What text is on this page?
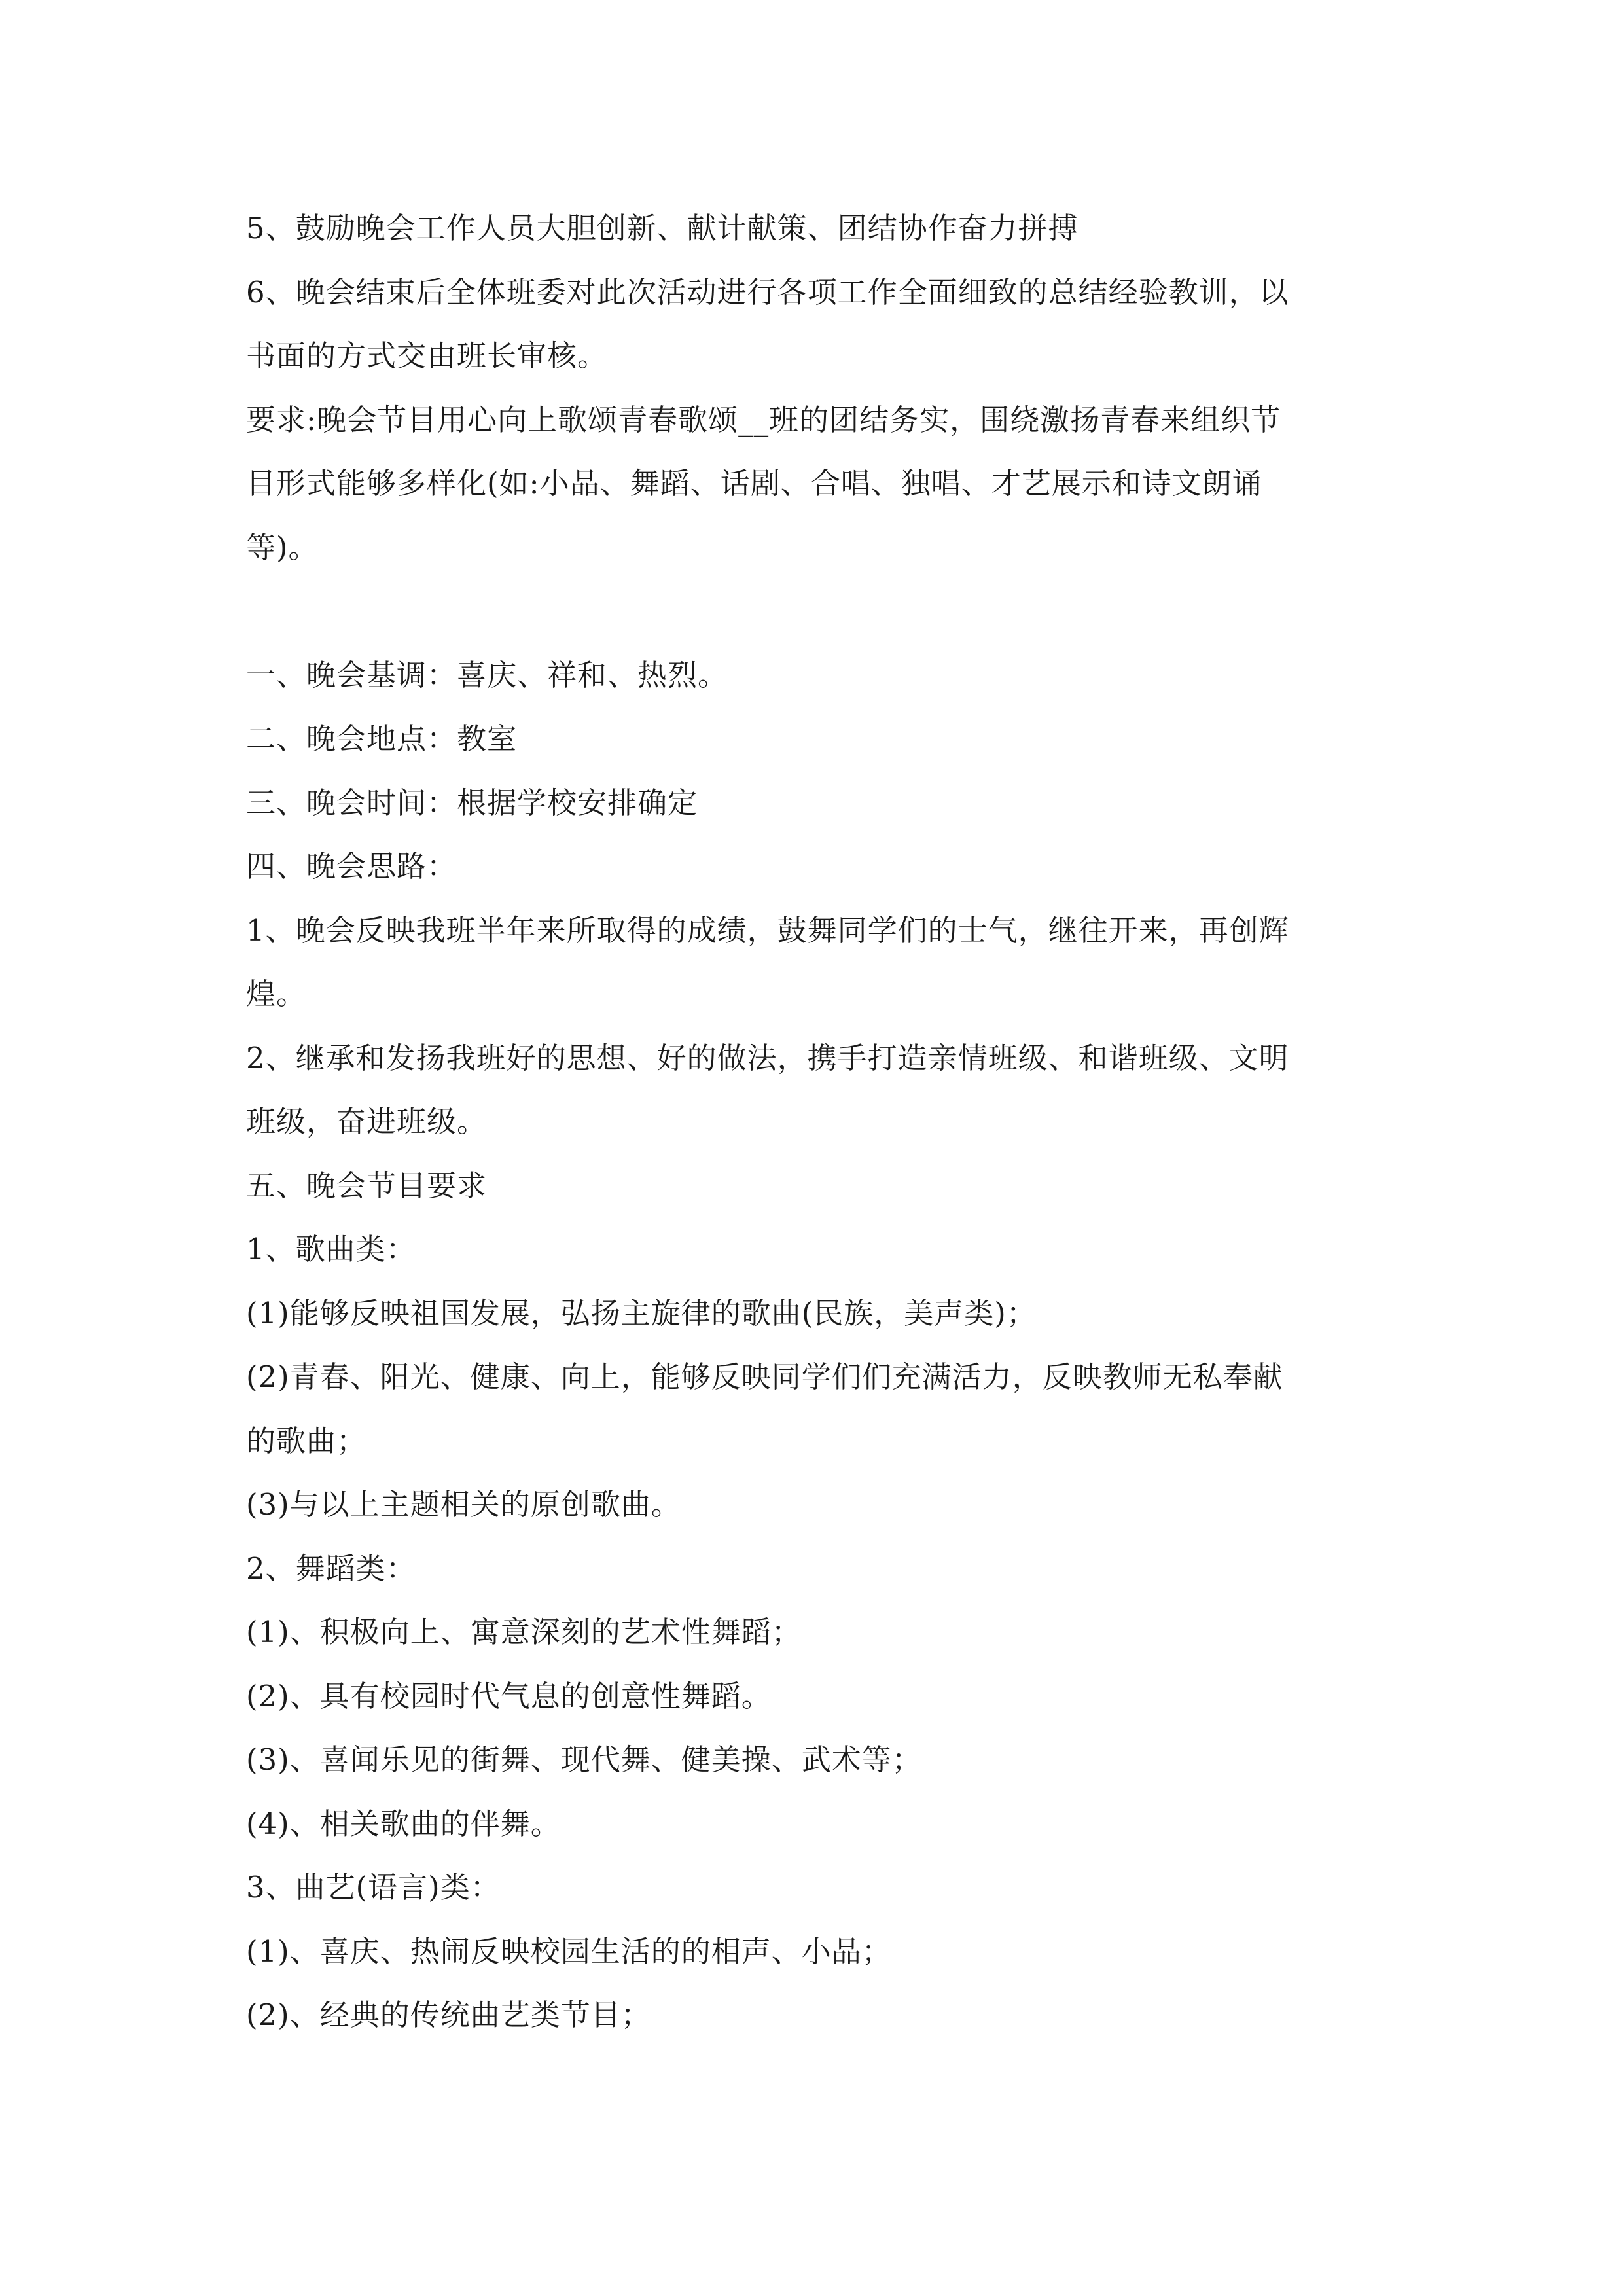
5、鼓励晚会工作人员大胆创新、献计献策、团结协作奋力拼搏
6、晚会结束后全体班委对此次活动进行各项工作全面细致的总结经验教训，以
书面的方式交由班长审核。
要求:晚会节目用心向上歌颂青春歌颂__班的团结务实，围绕激扬青春来组织节
目形式能够多样化(如:小品、舞蹈、话剧、合唱、独唱、才艺展示和诗文朗诵
等)。
一、晚会基调：喜庆、祥和、热烈。
二、晚会地点：教室
三、晚会时间：根据学校安排确定
四、晚会思路：
1、晚会反映我班半年来所取得的成绩，鼓舞同学们的士气，继往开来，再创辉
煌。
2、继承和发扬我班好的思想、好的做法，携手打造亲情班级、和谐班级、文明
班级，奋进班级。
五、晚会节目要求
1、歌曲类：
(1)能够反映祖国发展，弘扬主旋律的歌曲(民族，美声类)；
(2)青春、阳光、健康、向上，能够反映同学们们充满活力，反映教师无私奉献
的歌曲；
(3)与以上主题相关的原创歌曲。
2、舞蹈类：
(1)、积极向上、寓意深刻的艺术性舞蹈；
(2)、具有校园时代气息的创意性舞蹈。
(3)、喜闻乐见的街舞、现代舞、健美操、武术等；
(4)、相关歌曲的伴舞。
3、曲艺(语言)类：
(1)、喜庆、热闹反映校园生活的的相声、小品；
(2)、经典的传统曲艺类节目；
